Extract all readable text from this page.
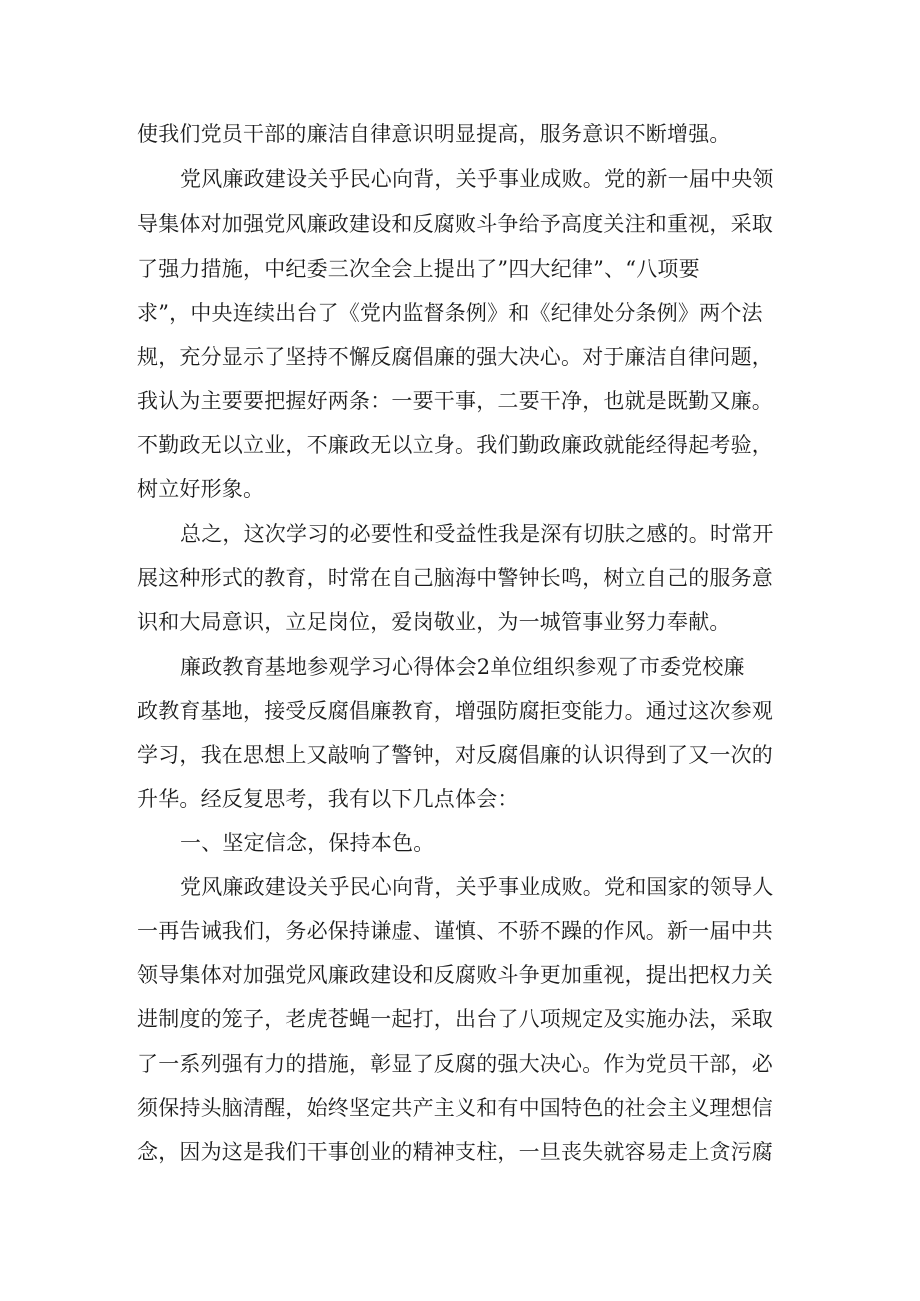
使我们党员干部的廉洁自律意识明显提高，服务意识不断增强。

党风廉政建设关乎民心向背，关乎事业成败。党的新一届中央领

导集体对加强党风廉政建设和反腐败斗争给予高度关注和重视，采取

了强力措施，中纪委三次全会上提出了”四大纪律”、“八项要

求”，中央连续出台了《党内监督条例》和《纪律处分条例》两个法

规，充分显示了坚持不懈反腐倡廉的强大决心。对于廉洁自律问题，

我认为主要要把握好两条：一要干事，二要干净，也就是既勤又廉。

不勤政无以立业，不廉政无以立身。我们勤政廉政就能经得起考验，

树立好形象。

总之，这次学习的必要性和受益性我是深有切肤之感的。时常开

展这种形式的教育，时常在自己脑海中警钟长鸣，树立自己的服务意

识和大局意识，立足岗位，爱岗敬业，为一城管事业努力奉献。

廉政教育基地参观学习心得体会2单位组织参观了市委党校廉

政教育基地，接受反腐倡廉教育，增强防腐拒变能力。通过这次参观

学习，我在思想上又敲响了警钟，对反腐倡廉的认识得到了又一次的

升华。经反复思考，我有以下几点体会：

一、坚定信念，保持本色。

党风廉政建设关乎民心向背，关乎事业成败。党和国家的领导人

一再告诫我们，务必保持谦虚、谨慎、不骄不躁的作风。新一届中共

领导集体对加强党风廉政建设和反腐败斗争更加重视，提出把权力关

进制度的笼子，老虎苍蝇一起打，出台了八项规定及实施办法，采取

了一系列强有力的措施，彰显了反腐的强大决心。作为党员干部，必

须保持头脑清醒，始终坚定共产主义和有中国特色的社会主义理想信

念，因为这是我们干事创业的精神支柱，一旦丧失就容易走上贪污腐
